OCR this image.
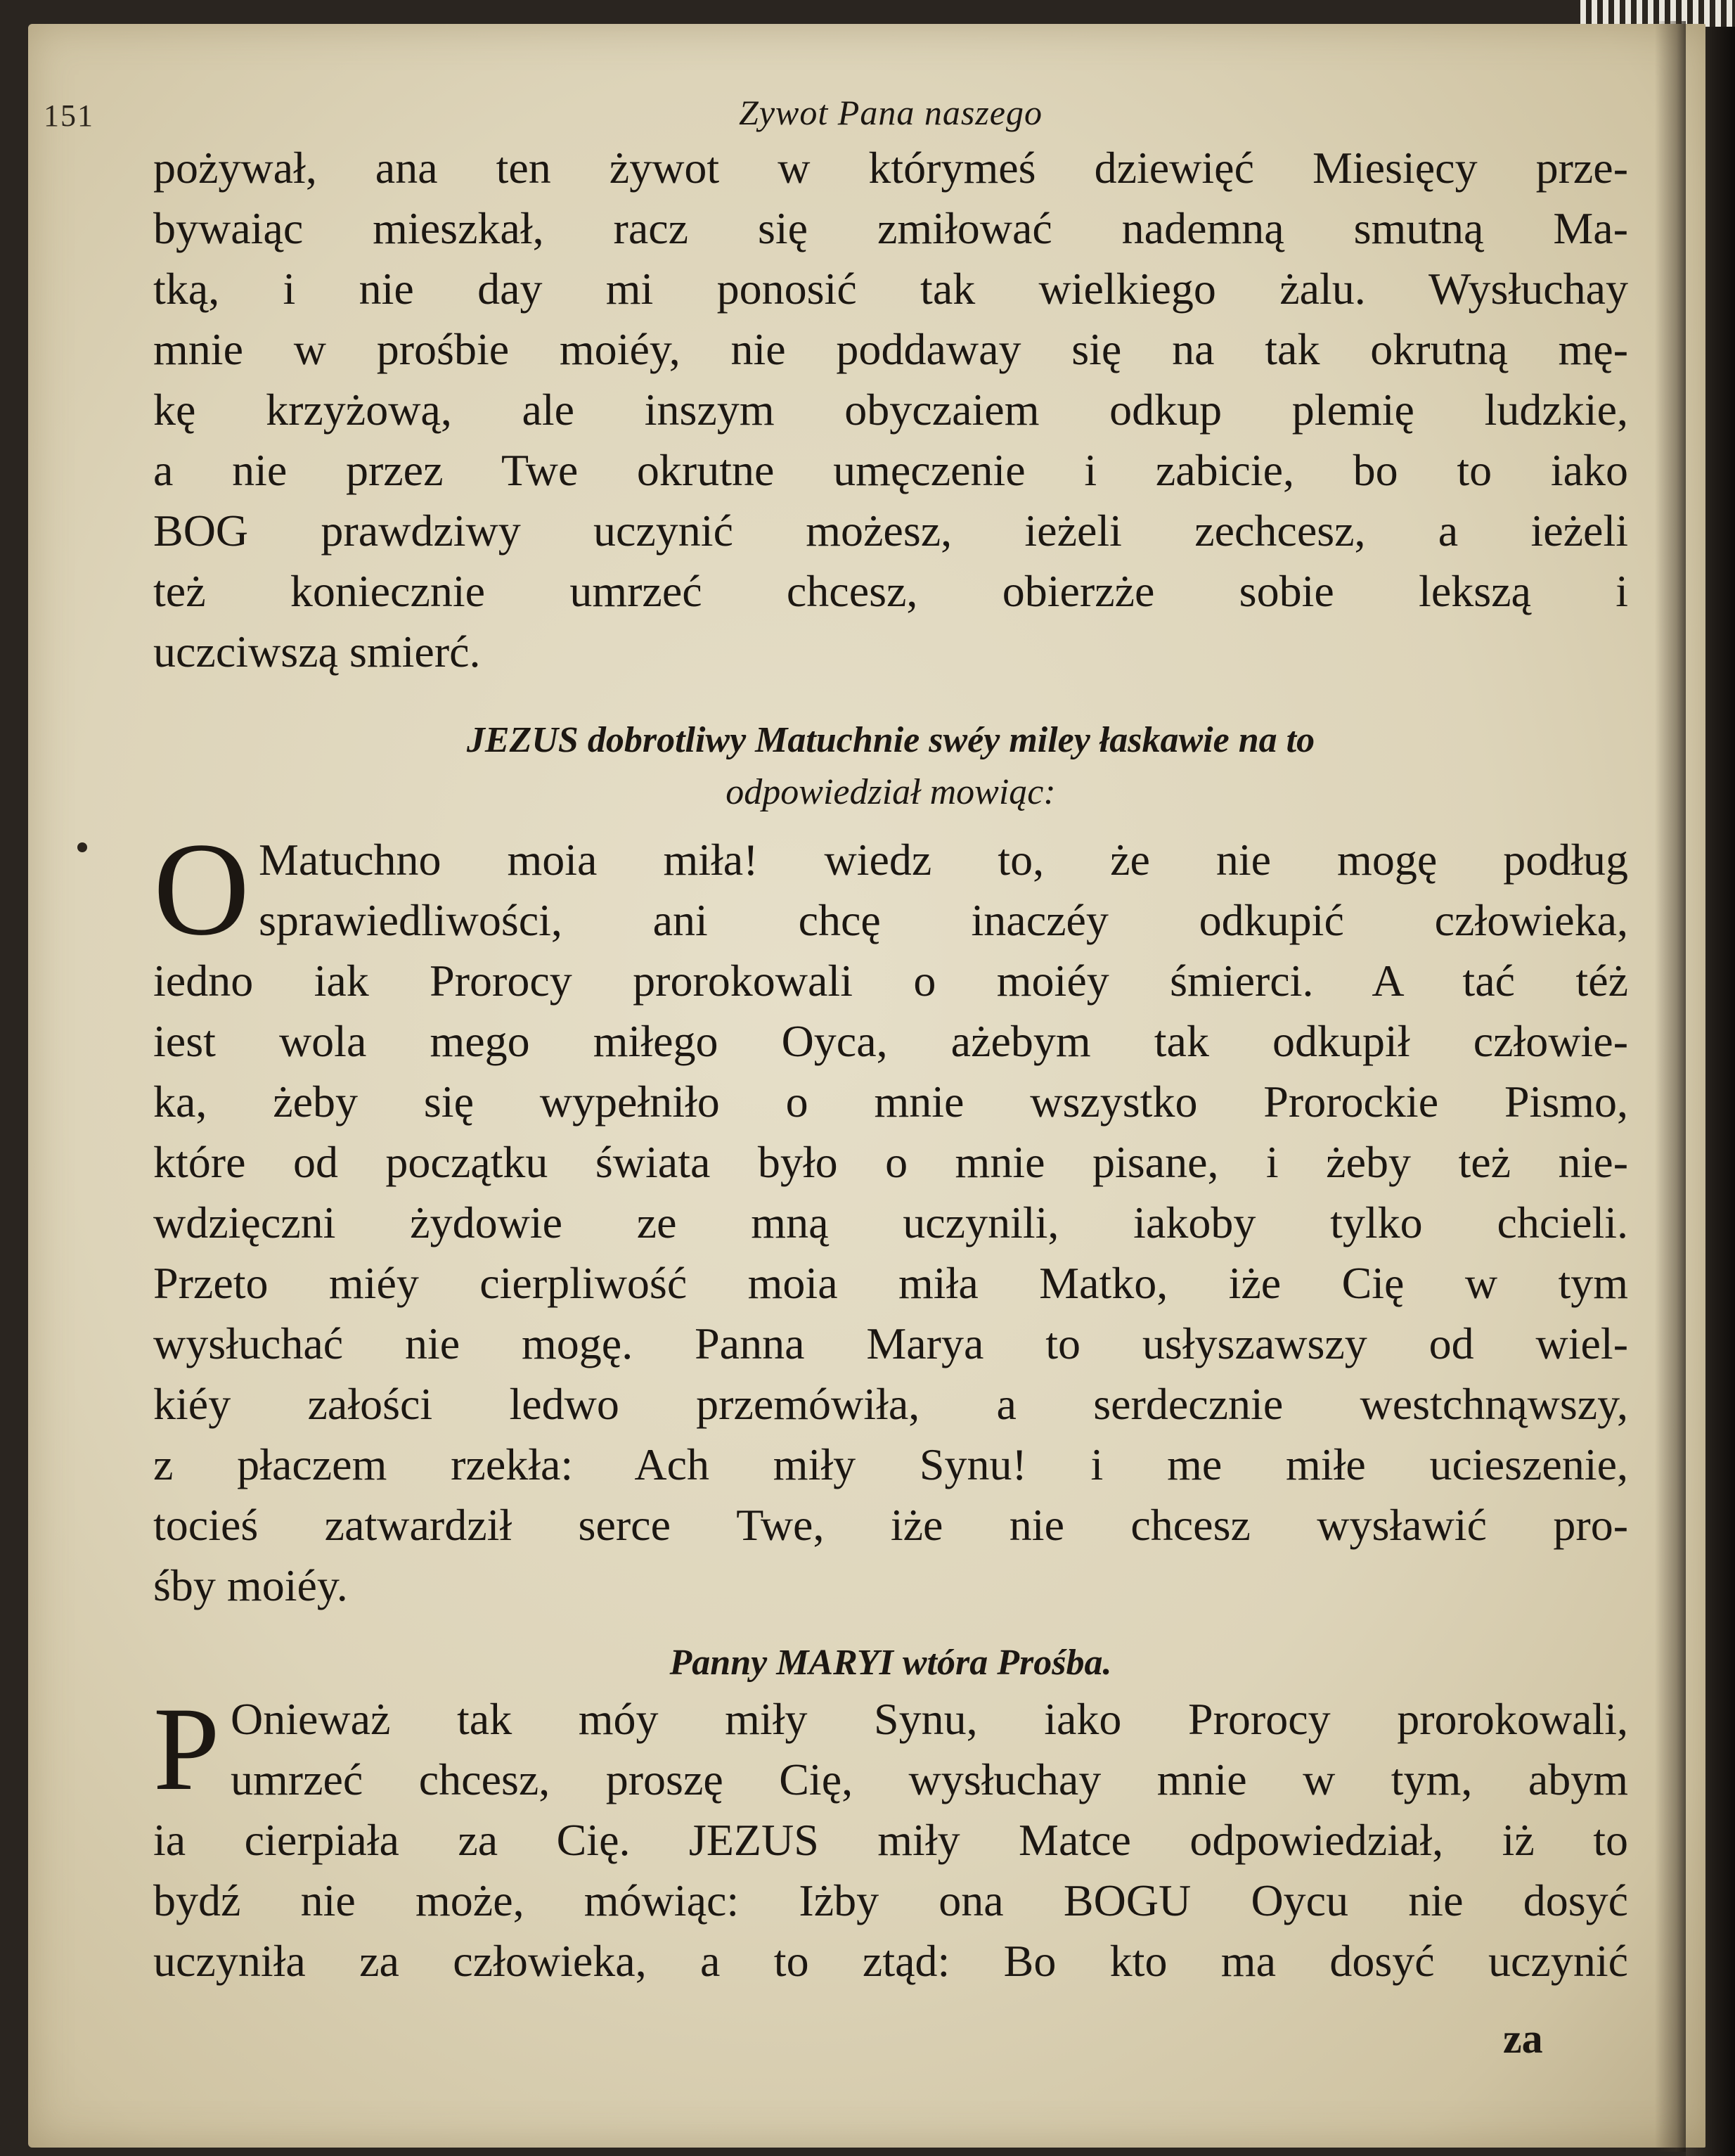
151	Zywot Pana naszego
pożywał, ana ten żywot w którymeś dziewięć Miesięcy prze-
bywaiąc mieszkał, racz się zmiłować nademną smutną Ma-
tką, i nie day mi ponosić tak wielkiego żalu. Wysłuchay
mnie w prośbie moiéy, nie poddaway się na tak okrutną mę-
kę krzyżową, ale inszym obyczaiem odkup plemię ludzkie,
a nie przez Twe okrutne umęczenie i zabicie, bo to iako
BOG prawdziwy uczynić możesz, ieżeli zechcesz, a ieżeli
też koniecznie umrzeć chcesz, obierzże sobie lekszą i
uczciwszą smierć.
JEZUS dobrotliwy Matuchnie swéy miley łaskawie na to
odpowiedział mowiąc:
O Matuchno moia miła! wiedz to, że nie mogę podług
sprawiedliwości, ani chcę inaczéy odkupić człowieka,
iedno iak Prorocy prorokowali o moiéy śmierci. A tać téż
iest wola mego miłego Oyca, ażebym tak odkupił człowie-
ka, żeby się wypełniło o mnie wszystko Prorockie Pismo,
które od początku świata było o mnie pisane, i żeby też nie-
wdzięczni żydowie ze mną uczynili, iakoby tylko chcieli.
Przeto miéy cierpliwość moia miła Matko, iże Cię w tym
wysłuchać nie mogę. Panna Marya to usłyszawszy od wiel-
kiéy załości ledwo przemówiła, a serdecznie westchnąwszy,
z płaczem rzekła: Ach miły Synu! i me miłe ucieszenie,
tocieś zatwardził serce Twe, iże nie chcesz wysławić pro-
śby moiéy.
Panny MARYI wtóra Prośba.
P Onieważ tak móy miły Synu, iako Prorocy prorokowali,
umrzeć chcesz, proszę Cię, wysłuchay mnie w tym, abym
ia cierpiała za Cię. JEZUS miły Matce odpowiedział, iż to
bydź nie może, mówiąc: Iżby ona BOGU Oycu nie dosyć
uczyniła za człowieka, a to ztąd: Bo kto ma dosyć uczynić
za
